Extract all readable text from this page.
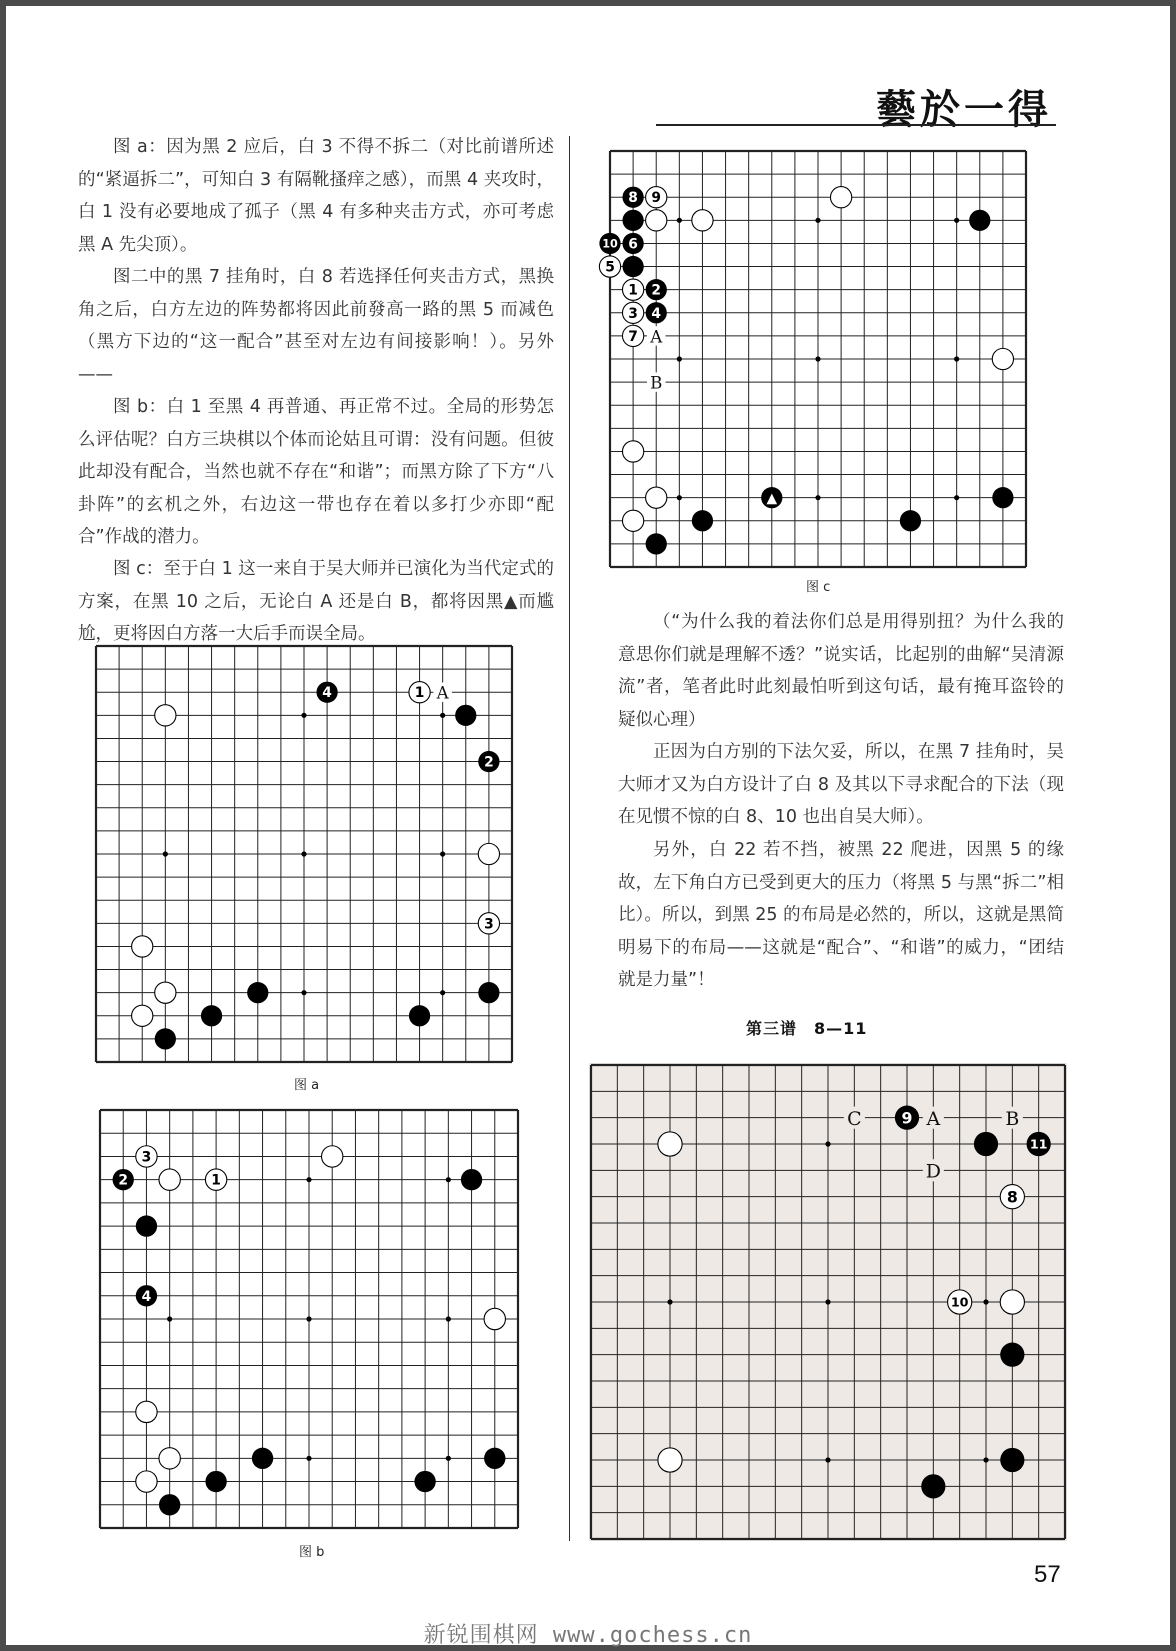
藝於一得

图 a：因为黑 2 应后，白 3 不得不拆二（对比前谱所述的“紧逼拆二”，可知白 3 有隔靴搔痒之感），而黑 4 夹攻时，白 1 没有必要地成了孤子（黑 4 有多种夹击方式，亦可考虑黑 A 先尖顶）。

图二中的黑 7 挂角时，白 8 若选择任何夹击方式，黑换角之后，白方左边的阵势都将因此前發高一路的黑 5 而减色（黑方下边的“这一配合”甚至对左边有间接影响！）。另外——

图 b：白 1 至黑 4 再普通、再正常不过。全局的形势怎么评估呢？白方三块棋以个体而论姑且可谓：没有问题。但彼此却没有配合，当然也就不存在“和谐”；而黑方除了下方“八卦阵”的玄机之外，右边这一带也存在着以多打少亦即“配合”作战的潜力。

图 c：至于白 1 这一来自于吴大师并已演化为当代定式的方案，在黑 10 之后，无论白 A 还是白 B，都将因黑▲而尴尬，更将因白方落一大后手而误全局。

（“为什么我的着法你们总是用得别扭？为什么我的意思你们就是理解不透？”说实话，比起别的曲解“吴清源流”者，笔者此时此刻最怕听到这句话，最有掩耳盗铃的疑似心理）

正因为白方别的下法欠妥，所以，在黑 7 挂角时，吴大师才又为白方设计了白 8 及其以下寻求配合的下法（现在见惯不惊的白 8、10 也出自吴大师）。

另外，白 22 若不挡，被黑 22 爬进，因黑 5 的缘故，左下角白方已受到更大的压力（将黑 5 与黑“拆二”相比）。所以，到黑 25 的布局是必然的，所以，这就是黑简明易下的布局——这就是“配合”、“和谐”的威力，“团结就是力量”！

A
4	1
2
3
图 a
3
2	1
4
图 b
A
B
8 9
10 6
5
1 2
3 4
7
▲
图 c
第三谱　8—11
C	A	B
D
9
11
8
10
57
新锐围棋网 www.gochess.cn
